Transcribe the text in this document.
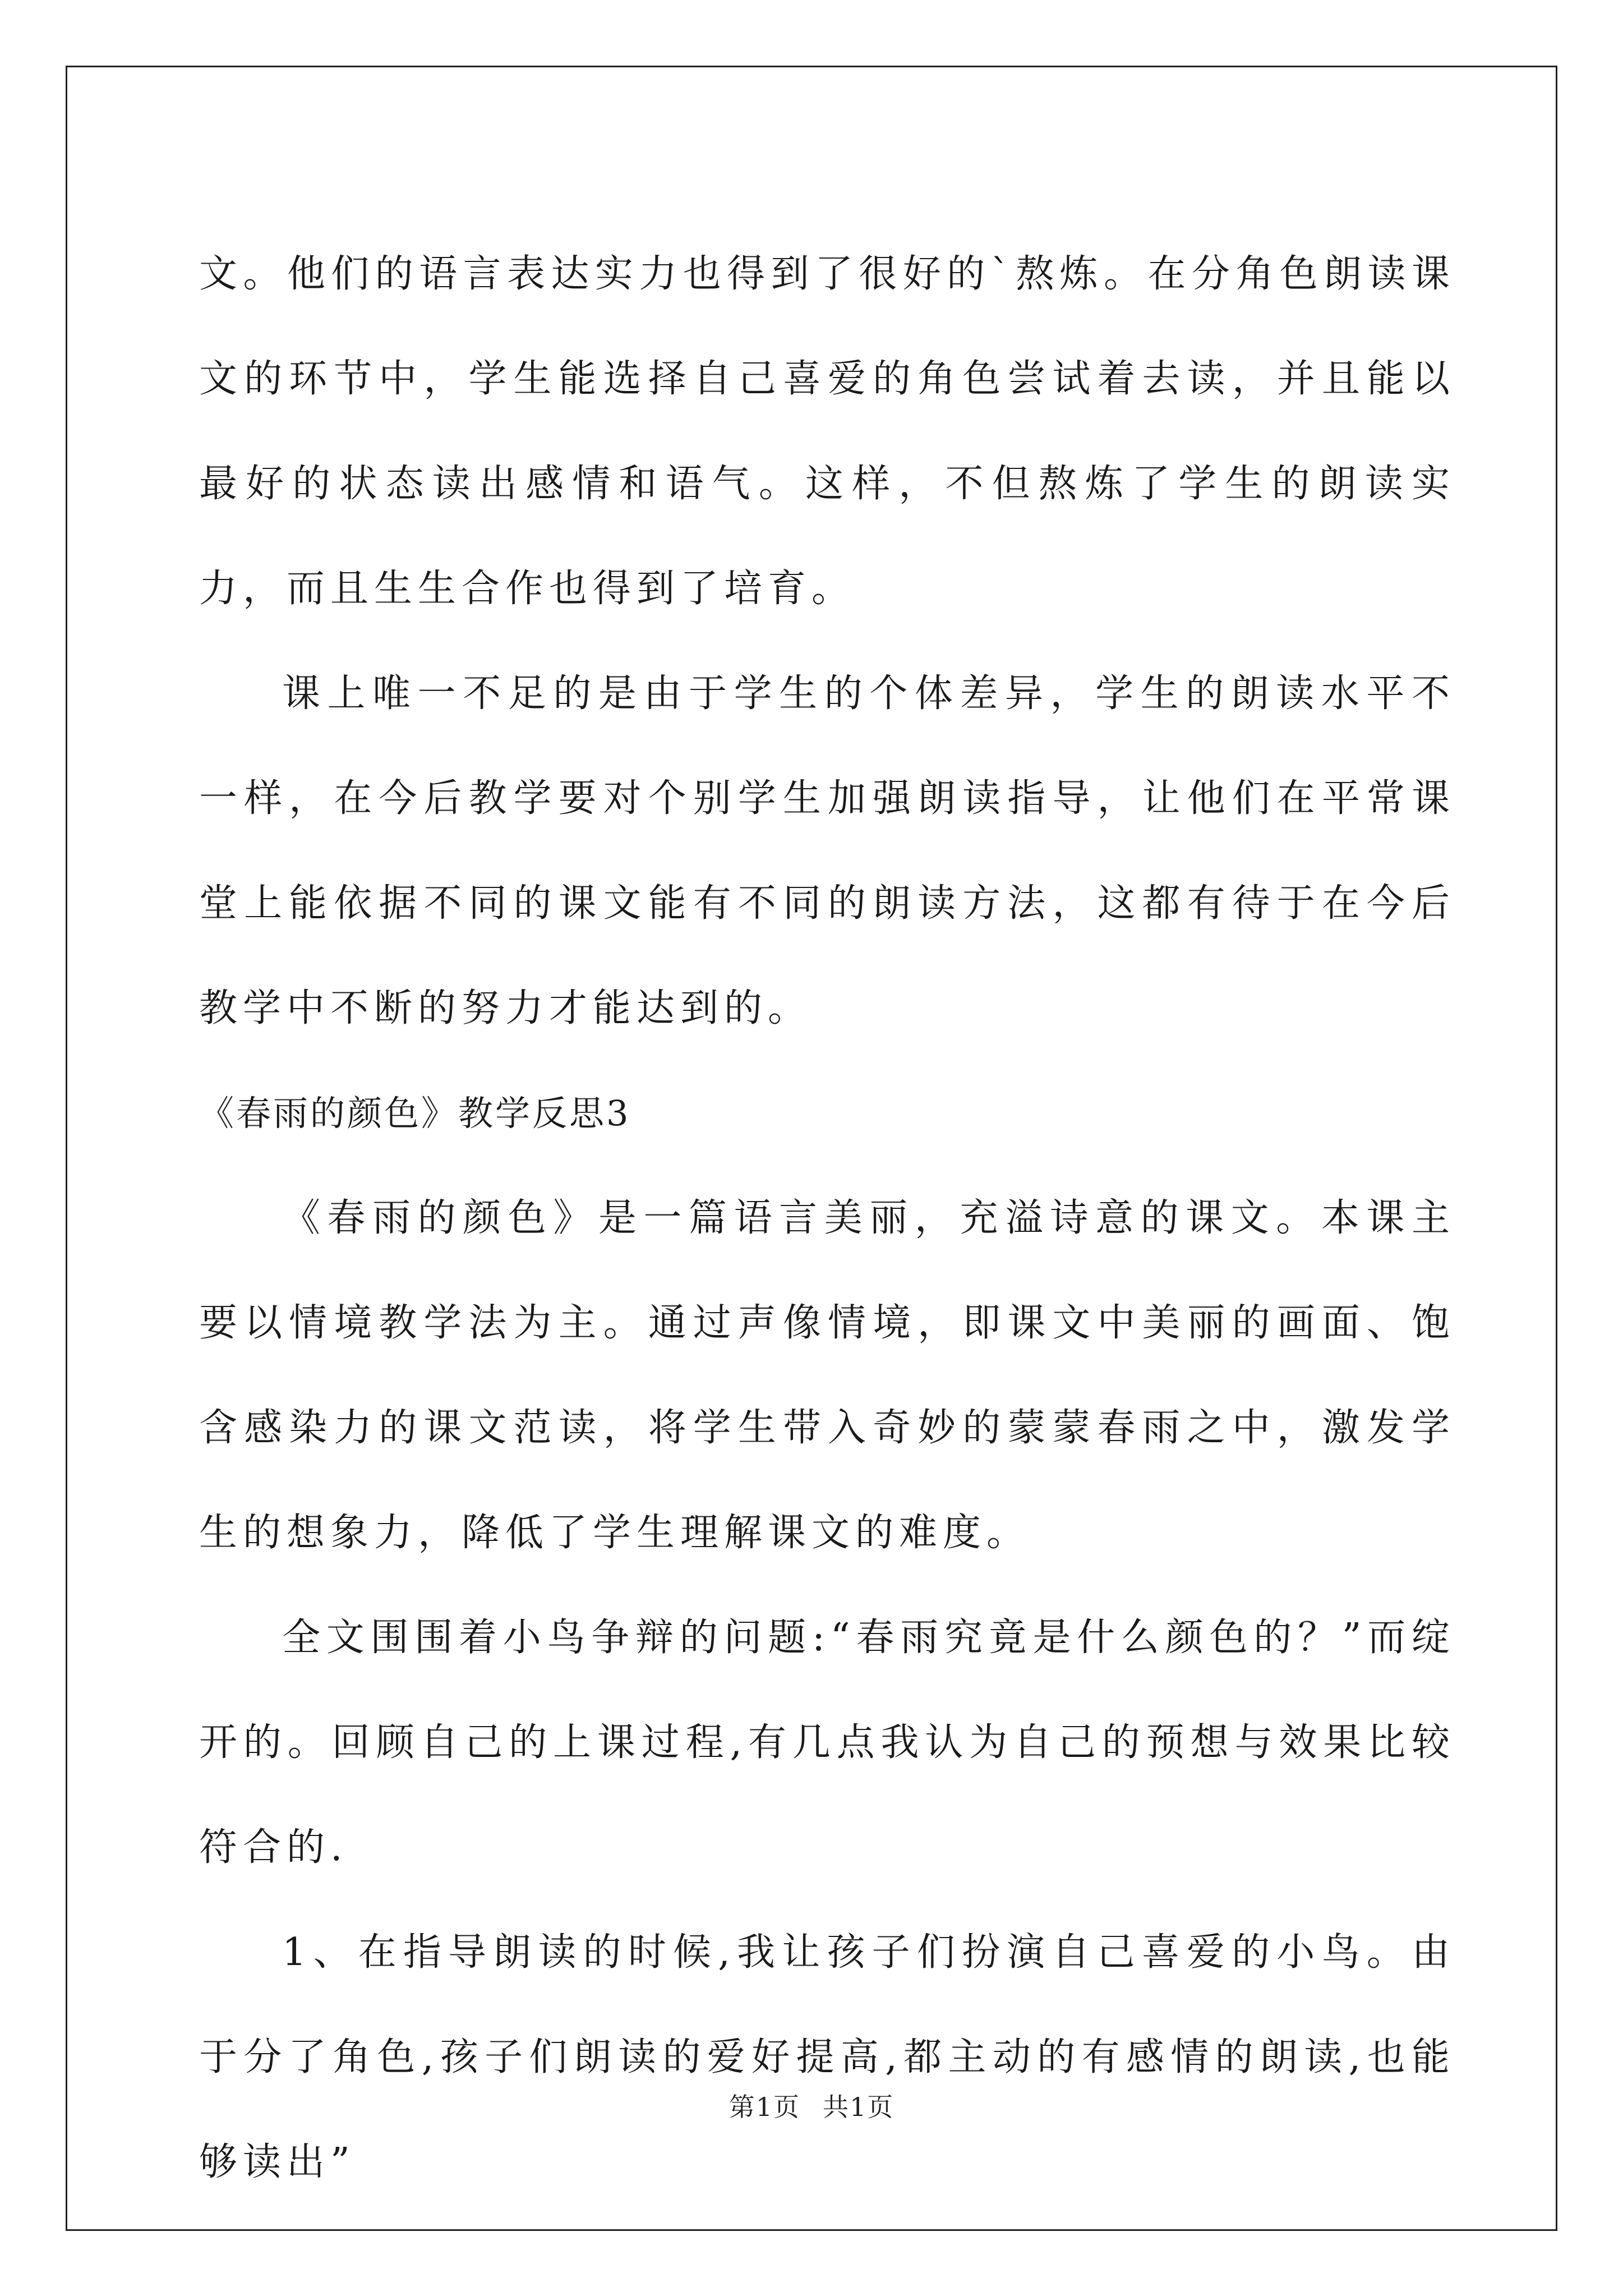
文。他们的语言表达实力也得到了很好的`熬炼。在分角色朗读课文的环节中，学生能选择自己喜爱的角色尝试着去读，并且能以最好的状态读出感情和语气。这样，不但熬炼了学生的朗读实力，而且生生合作也得到了培育。

课上唯一不足的是由于学生的个体差异，学生的朗读水平不一样，在今后教学要对个别学生加强朗读指导，让他们在平常课堂上能依据不同的课文能有不同的朗读方法，这都有待于在今后教学中不断的努力才能达到的。

《春雨的颜色》教学反思3

《春雨的颜色》是一篇语言美丽，充溢诗意的课文。本课主要以情境教学法为主。通过声像情境，即课文中美丽的画面、饱含感染力的课文范读，将学生带入奇妙的蒙蒙春雨之中，激发学生的想象力，降低了学生理解课文的难度。

全文围围着小鸟争辩的问题:“春雨究竟是什么颜色的？”而绽开的。回顾自己的上课过程,有几点我认为自己的预想与效果比较符合的.

1、在指导朗读的时候,我让孩子们扮演自己喜爱的小鸟。由于分了角色,孩子们朗读的爱好提高,都主动的有感情的朗读,也能够读出”

第1页 共1页
